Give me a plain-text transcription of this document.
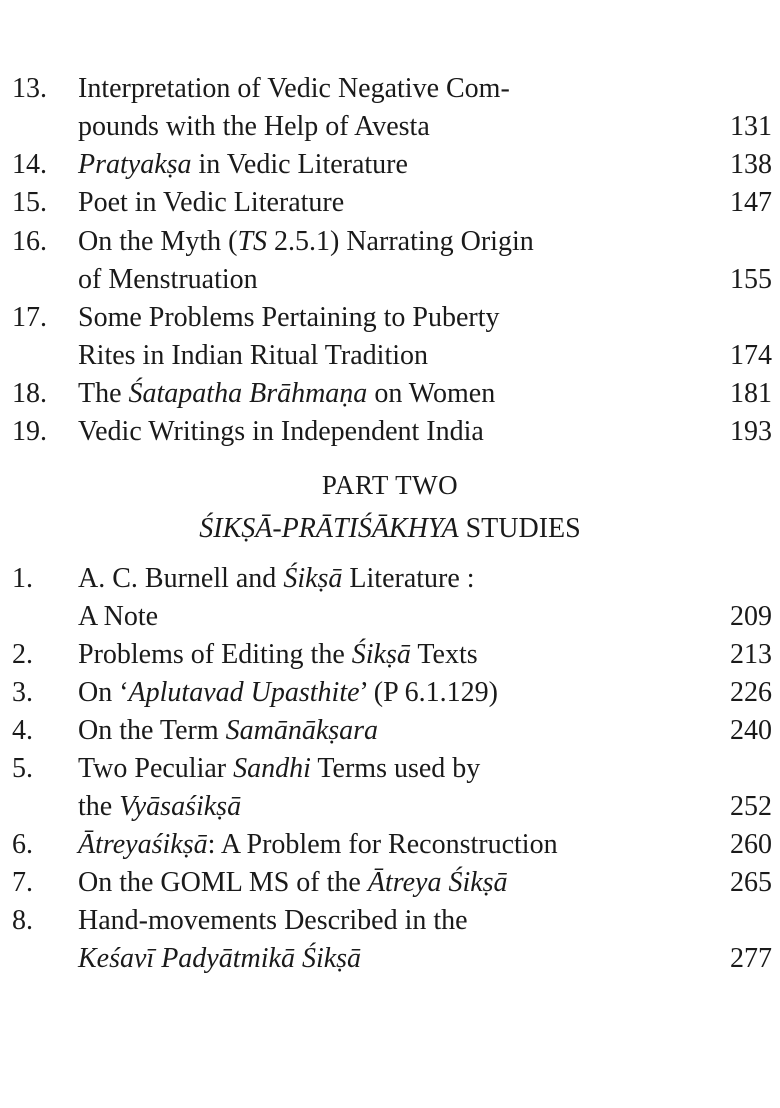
13. Interpretation of Vedic Negative Com-
pounds with the Help of Avesta	131
14. Pratyakṣa in Vedic Literature	138
15. Poet in Vedic Literature	147
16. On the Myth (TS 2.5.1) Narrating Origin
of Menstruation	155
17. Some Problems Pertaining to Puberty
Rites in Indian Ritual Tradition	174
18. The Śatapatha Brāhmaṇa on Women	181
19. Vedic Writings in Independent India	193
PART TWO
ŚIKṢĀ-PRĀTIŚĀKHYA STUDIES
1. A. C. Burnell and Śikṣā Literature :
A Note	209
2. Problems of Editing the Śikṣā Texts	213
3. On ‘Aplutavad Upasthite’ (P 6.1.129)	226
4. On the Term Samānākṣara	240
5. Two Peculiar Sandhi Terms used by
the Vyāsaśikṣā	252
6. Ātreyaśikṣā: A Problem for Reconstruction	260
7. On the GOML MS of the Ātreya Śikṣā	265
8. Hand-movements Described in the
Keśavī Padyātmikā Śikṣā	277
